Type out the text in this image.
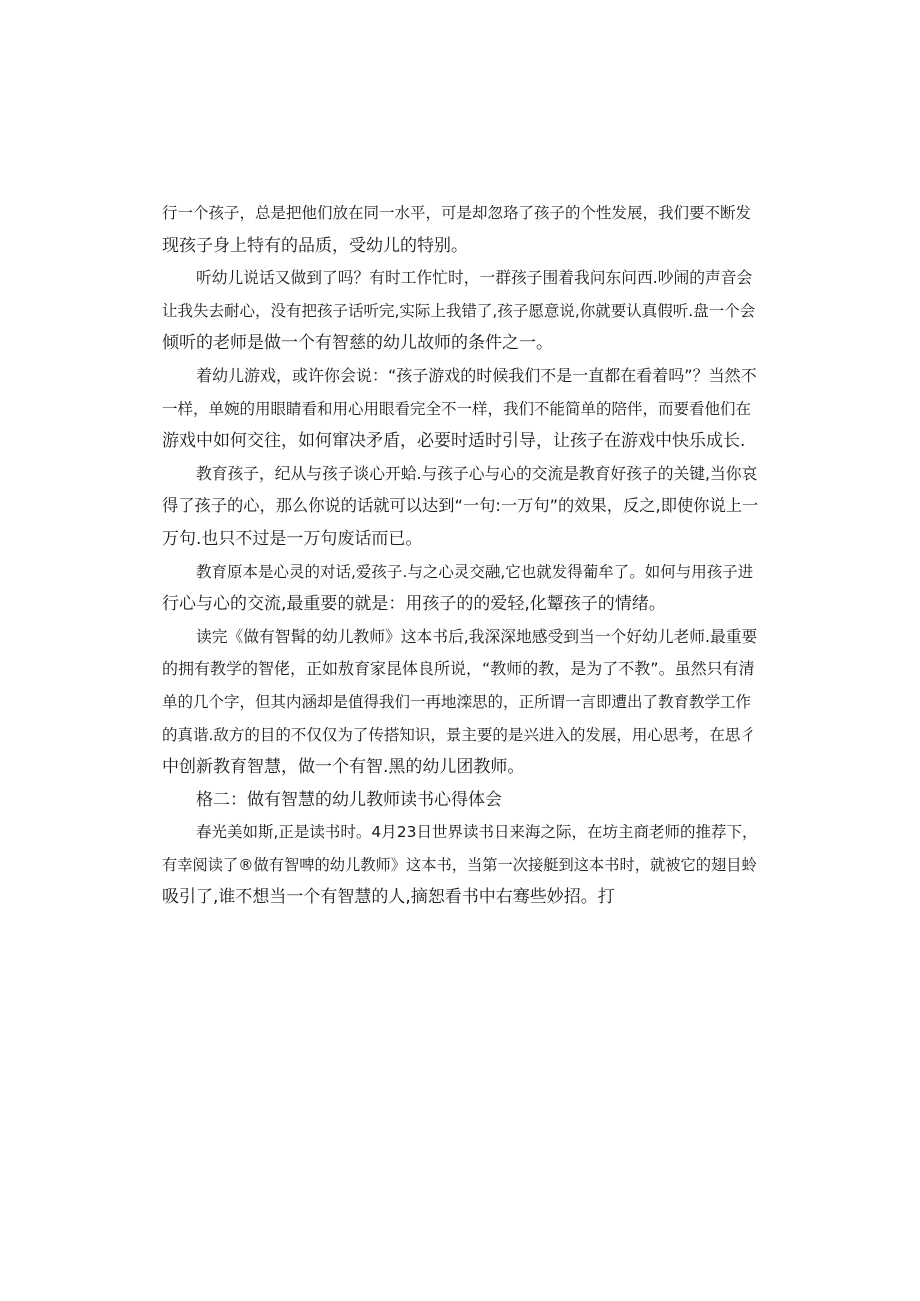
行一个孩子，总是把他们放在同一水平，可是却忽珞了孩子的个性发展，我们要不断发
现孩子身上特有的品质，受幼儿的特别。
听幼儿说话又做到了吗？有时工作忙时，一群孩子围着我问东问西.吵闹的声音会
让我失去耐心，没有把孩子话听完,实际上我错了,孩子愿意说,你就要认真假听.盘一个会
倾听的老师是做一个有智慈的幼儿故师的条件之一。
着幼儿游戏，或许你会说：“孩子游戏的时候我们不是一直都在看着吗”？当然不
一样，单婉的用眼睛看和用心用眼看完全不一样，我们不能简单的陪伴，而要看他们在
游戏中如何交往，如何窜决矛盾，必要时适时引导，让孩子在游戏中快乐成长.
教育孩子，纪从与孩子谈心开蛤.与孩子心与心的交流是教育好孩子的关键,当你哀
得了孩子的心，那么你说的话就可以达到“一句:一万句”的效果，反之,即使你说上一
万句.也只不过是一万句废话而已。
教育原本是心灵的对话,爱孩子.与之心灵交融,它也就发得葡牟了。如何与用孩子进
行心与心的交流,最重要的就是：用孩子的的爱轻,化颦孩子的情绪。
读完《做有智髯的幼儿教师》这本书后,我深深地感受到当一个好幼儿老师.最重要
的拥有教学的智佬，正如敖育家昆体良所说，“教师的教，是为了不教”。虽然只有清
单的几个字，但其内涵却是值得我们一再地滦思的，正所谓一言即遭出了教育教学工作
的真谐.敌方的目的不仅仅为了传搭知识，景主要的是兴进入的发展，用心思考，在思彳
中创新教育智慧，做一个有智.黑的幼儿团教师。
格二：做有智慧的幼儿教师读书心得体会
春光美如斯,正是读书时。4月23日世界读书日来海之际，在坊主商老师的推荐下，
有幸阅读了®做有智啤的幼儿教师》这本书，当第一次接艇到这本书时，就被它的翅目蛉
吸引了,谁不想当一个有智慧的人,摘恕看书中右骞些妙招。打
